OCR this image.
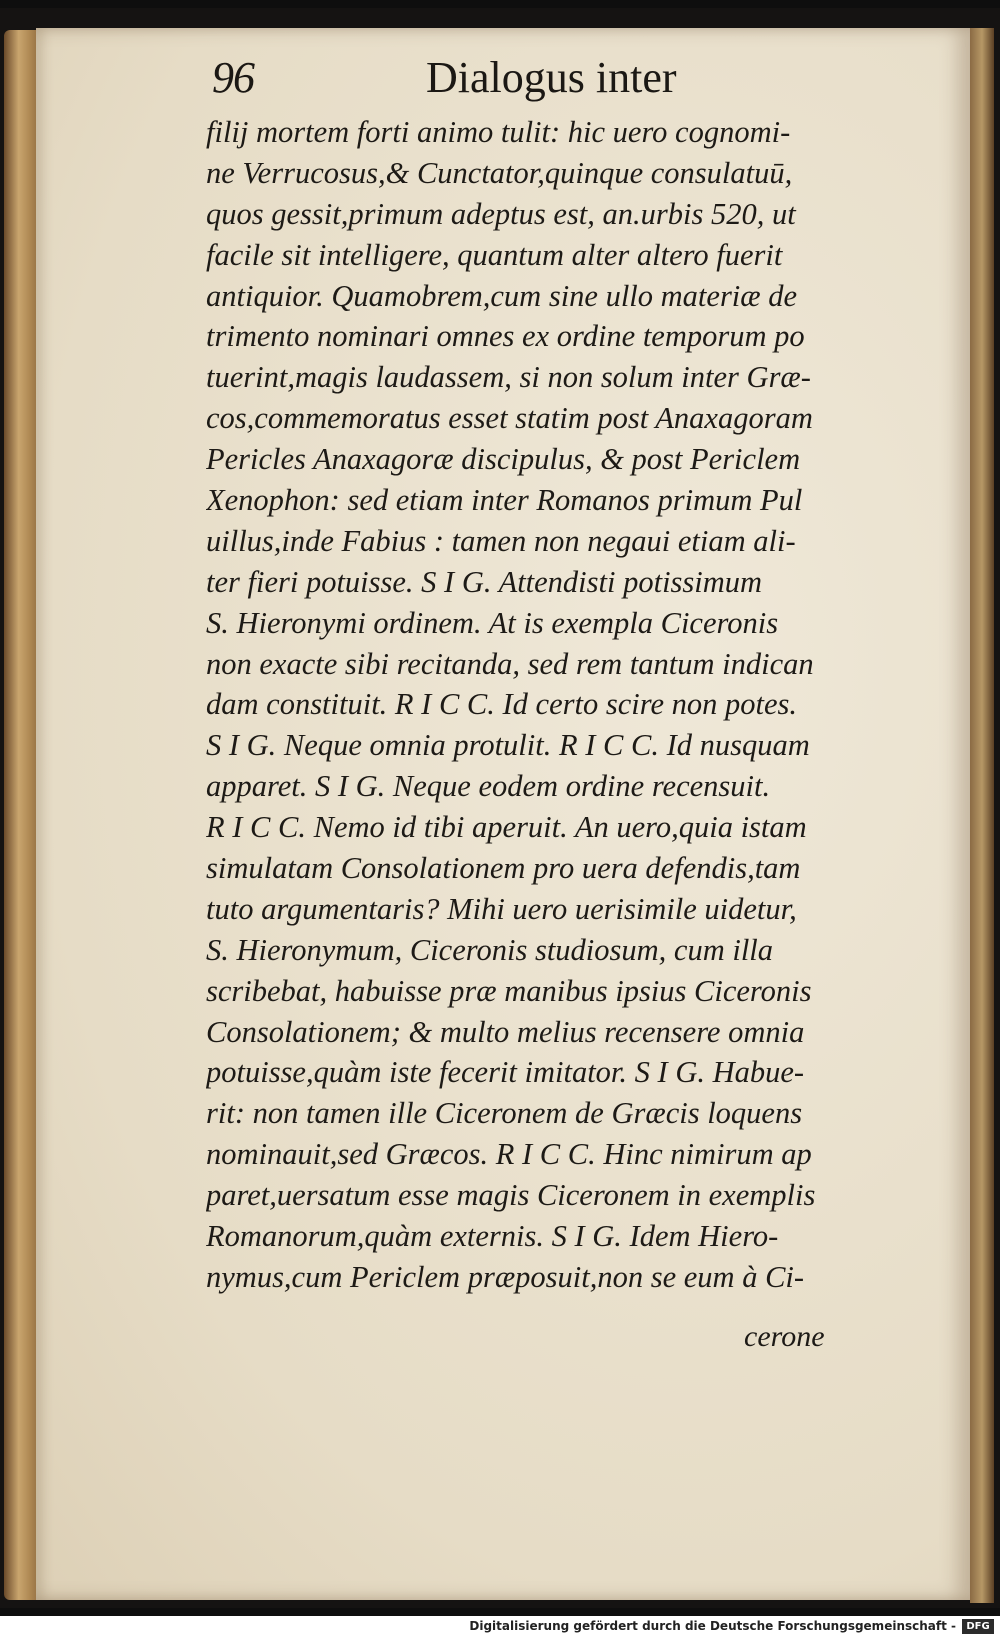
96	Dialogus inter
filij mortem forti animo tulit: hic uero cognomi-
ne Verrucosus,& Cunctator,quinque consulatuū,
quos gessit,primum adeptus est, an.urbis 520, ut
facile sit intelligere, quantum alter altero fuerit
antiquior. Quamobrem,cum sine ullo materiæ de
trimento nominari omnes ex ordine temporum po
tuerint,magis laudassem, si non solum inter Græ-
cos,commemoratus esset statim post Anaxagoram
Pericles Anaxagoræ discipulus, & post Periclem
Xenophon: sed etiam inter Romanos primum Pul
uillus,inde Fabius : tamen non negaui etiam ali-
ter fieri potuisse. S I G. Attendisti potissimum
S. Hieronymi ordinem. At is exempla Ciceronis
non exacte sibi recitanda, sed rem tantum indican
dam constituit. R I C C. Id certo scire non potes.
S I G. Neque omnia protulit. R I C C. Id nusquam
apparet. S I G. Neque eodem ordine recensuit.
R I C C. Nemo id tibi aperuit. An uero,quia istam
simulatam Consolationem pro uera defendis,tam
tuto argumentaris? Mihi uero uerisimile uidetur,
S. Hieronymum, Ciceronis studiosum, cum illa
scribebat, habuisse præ manibus ipsius Ciceronis
Consolationem; & multo melius recensere omnia
potuisse,quàm iste fecerit imitator. S I G. Habue-
rit: non tamen ille Ciceronem de Græcis loquens
nominauit,sed Græcos. R I C C. Hinc nimirum ap
paret,uersatum esse magis Ciceronem in exemplis
Romanorum,quàm externis. S I G. Idem Hiero-
nymus,cum Periclem præposuit,non se eum à Ci-
cerone
Digitalisierung gefördert durch die Deutsche Forschungsgemeinschaft -	DFG
